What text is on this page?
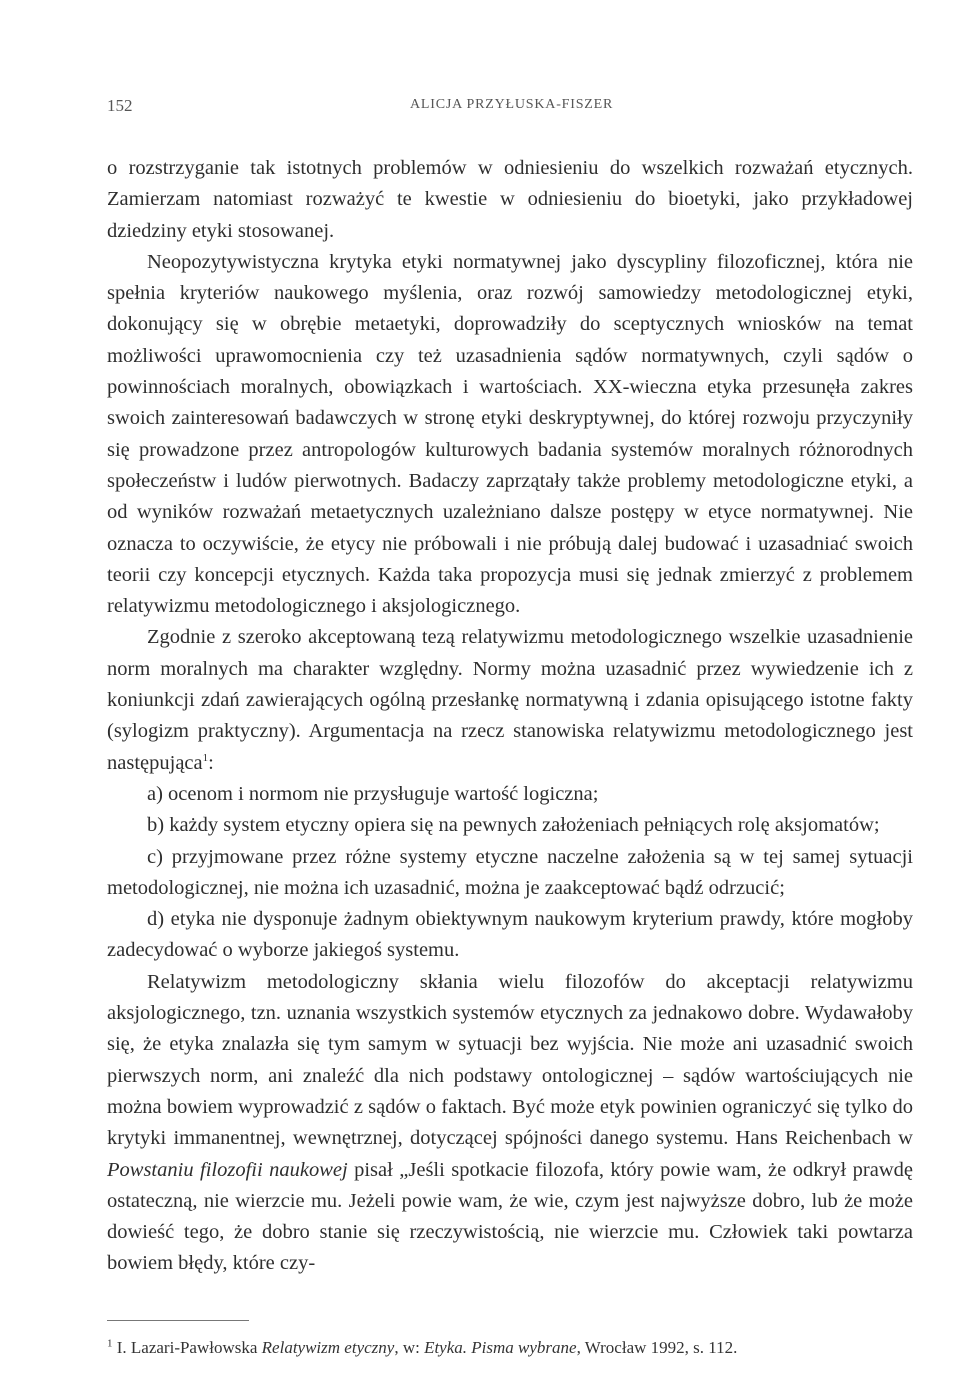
152	ALICJA PRZYŁUSKA-FISZER

o rozstrzyganie tak istotnych problemów w odniesieniu do wszelkich rozważań etycznych. Zamierzam natomiast rozważyć te kwestie w odniesieniu do bioetyki, jako przykładowej dziedziny etyki stosowanej.

Neopozytywistyczna krytyka etyki normatywnej jako dyscypliny filozoficznej, która nie spełnia kryteriów naukowego myślenia, oraz rozwój samowiedzy metodologicznej etyki, dokonujący się w obrębie metaetyki, doprowadziły do sceptycznych wniosków na temat możliwości uprawomocnienia czy też uzasadnienia sądów normatywnych, czyli sądów o powinnościach moralnych, obowiązkach i wartościach. XX-wieczna etyka przesunęła zakres swoich zainteresowań badawczych w stronę etyki deskryptywnej, do której rozwoju przyczyniły się prowadzone przez antropologów kulturowych badania systemów moralnych różnorodnych społeczeństw i ludów pierwotnych. Badaczy zaprzątały także problemy metodologiczne etyki, a od wyników rozważań metaetycznych uzależniano dalsze postępy w etyce normatywnej. Nie oznacza to oczywiście, że etycy nie próbowali i nie próbują dalej budować i uzasadniać swoich teorii czy koncepcji etycznych. Każda taka propozycja musi się jednak zmierzyć z problemem relatywizmu metodologicznego i aksjologicznego.

Zgodnie z szeroko akceptowaną tezą relatywizmu metodologicznego wszelkie uzasadnienie norm moralnych ma charakter względny. Normy można uzasadnić przez wywiedzenie ich z koniunkcji zdań zawierających ogólną przesłankę normatywną i zdania opisującego istotne fakty (sylogizm praktyczny). Argumentacja na rzecz stanowiska relatywizmu metodologicznego jest następująca$^1$:

a) ocenom i normom nie przysługuje wartość logiczna;

b) każdy system etyczny opiera się na pewnych założeniach pełniących rolę aksjomatów;

c) przyjmowane przez różne systemy etyczne naczelne założenia są w tej samej sytuacji metodologicznej, nie można ich uzasadnić, można je zaakceptować bądź odrzucić;

d) etyka nie dysponuje żadnym obiektywnym naukowym kryterium prawdy, które mogłoby zadecydować o wyborze jakiegoś systemu.

Relatywizm metodologiczny skłania wielu filozofów do akceptacji relatywizmu aksjologicznego, tzn. uznania wszystkich systemów etycznych za jednakowo dobre. Wydawałoby się, że etyka znalazła się tym samym w sytuacji bez wyjścia. Nie może ani uzasadnić swoich pierwszych norm, ani znaleźć dla nich podstawy ontologicznej – sądów wartościujących nie można bowiem wyprowadzić z sądów o faktach. Być może etyk powinien ograniczyć się tylko do krytyki immanentnej, wewnętrznej, dotyczącej spójności danego systemu. Hans Reichenbach w Powstaniu filozofii naukowej pisał „Jeśli spotkacie filozofa, który powie wam, że odkrył prawdę ostateczną, nie wierzcie mu. Jeżeli powie wam, że wie, czym jest najwyższe dobro, lub że może dowieść tego, że dobro stanie się rzeczywistością, nie wierzcie mu. Człowiek taki powtarza bowiem błędy, które czy-

$^1$ I. Lazari-Pawłowska Relatywizm etyczny, w: Etyka. Pisma wybrane, Wrocław 1992, s. 112.
